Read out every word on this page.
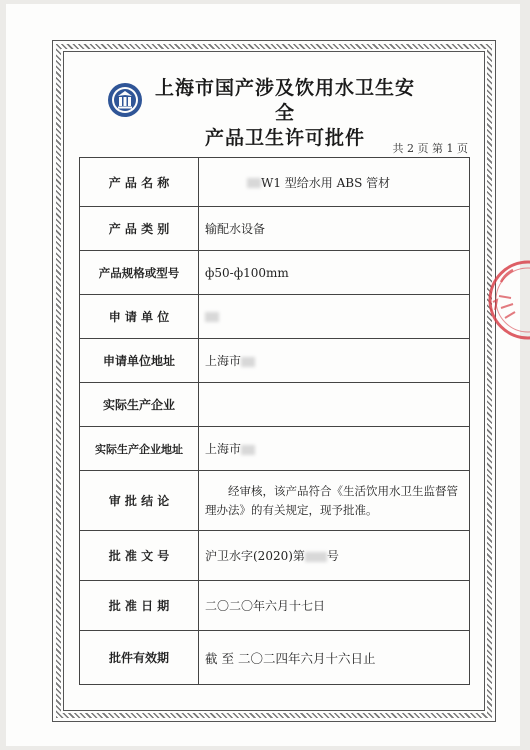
上海市国产涉及饮用水卫生安全
产品卫生许可批件	共 2 页 第 1 页
产 品 名 称	W1 型给水用 ABS 管材
产 品 类 别	输配水设备
产品规格或型号	ф50-ф100mm
申 请 单 位	
申请单位地址	上海市
实际生产企业	
实际生产企业地址	上海市
审 批 结 论	经审核，该产品符合《生活饮用水卫生监督管理办法》的有关规定，现予批准。
批 准 文 号	沪卫水字(2020)第 号
批 准 日 期	二〇二〇年六月十七日
批件有效期	截 至 二〇二四年六月十六日止
